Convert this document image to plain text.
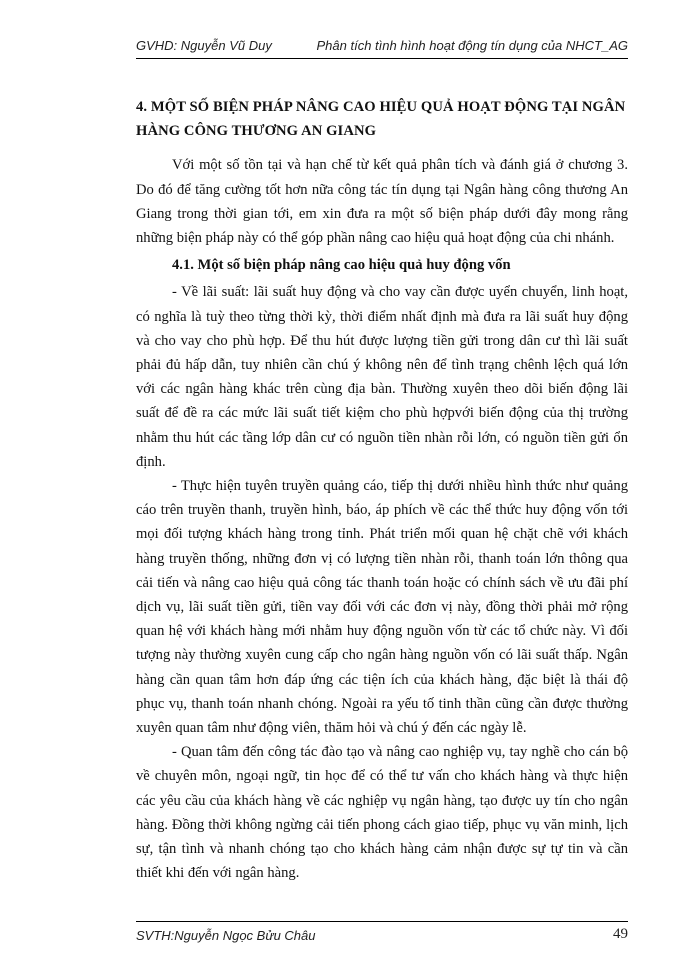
GVHD: Nguyễn Vũ Duy	Phân tích tình hình hoạt động tín dụng của NHCT_AG
4. MỘT SỐ BIỆN PHÁP NÂNG CAO HIỆU QUẢ HOẠT ĐỘNG TẠI NGÂN
HÀNG CÔNG THƯƠNG AN GIANG

Với một số tồn tại và hạn chế từ kết quả phân tích và đánh giá ở chương 3. Do đó để tăng cường tốt hơn nữa công tác tín dụng tại Ngân hàng công thương An Giang trong thời gian tới, em xin đưa ra một số biện pháp dưới đây mong rằng những biện pháp này có thể góp phần nâng cao hiệu quả hoạt động của chi nhánh.

4.1. Một số biện pháp nâng cao hiệu quả huy động vốn

- Về lãi suất: lãi suất huy động và cho vay cần được uyển chuyển, linh hoạt, có nghĩa là tuỳ theo từng thời kỳ, thời điểm nhất định mà đưa ra lãi suất huy động và cho vay cho phù hợp. Để thu hút được lượng tiền gửi trong dân cư thì lãi suất phải đủ hấp dẫn, tuy nhiên cần chú ý không nên để tình trạng chênh lệch quá lớn với các ngân hàng khác trên cùng địa bàn. Thường xuyên theo dõi biến động lãi suất để đề ra các mức lãi suất tiết kiệm cho phù hợpvới biến động của thị trường nhằm thu hút các tầng lớp dân cư có nguồn tiền nhàn rỗi lớn, có nguồn tiền gửi ổn định.

- Thực hiện tuyên truyền quảng cáo, tiếp thị dưới nhiều hình thức như quảng cáo trên truyền thanh, truyền hình, báo, áp phích về các thể thức huy động vốn tới mọi đối tượng khách hàng trong tỉnh. Phát triển mối quan hệ chặt chẽ với khách hàng truyền thống, những đơn vị có lượng tiền nhàn rỗi, thanh toán lớn thông qua cải tiến và nâng cao hiệu quả công tác thanh toán hoặc có chính sách về ưu đãi phí dịch vụ, lãi suất tiền gửi, tiền vay đối với các đơn vị này, đồng thời phải mở rộng quan hệ với khách hàng mới nhằm huy động nguồn vốn từ các tổ chức này. Vì đối tượng này thường xuyên cung cấp cho ngân hàng nguồn vốn có lãi suất thấp. Ngân hàng cần quan tâm hơn đáp ứng các tiện ích của khách hàng, đặc biệt là thái độ phục vụ, thanh toán nhanh chóng. Ngoài ra yếu tố tinh thần cũng cần được thường xuyên quan tâm như động viên, thăm hỏi và chú ý đến các ngày lễ.

- Quan tâm đến công tác đào tạo và nâng cao nghiệp vụ, tay nghề cho cán bộ về chuyên môn, ngoại ngữ, tin học để có thể tư vấn cho khách hàng và thực hiện các yêu cầu của khách hàng về các nghiệp vụ ngân hàng, tạo được uy tín cho ngân hàng. Đồng thời không ngừng cải tiến phong cách giao tiếp, phục vụ văn minh, lịch sự, tận tình và nhanh chóng tạo cho khách hàng cảm nhận được sự tự tin và cần thiết khi đến với ngân hàng.

SVTH:Nguyễn Ngọc Bửu Châu	49
